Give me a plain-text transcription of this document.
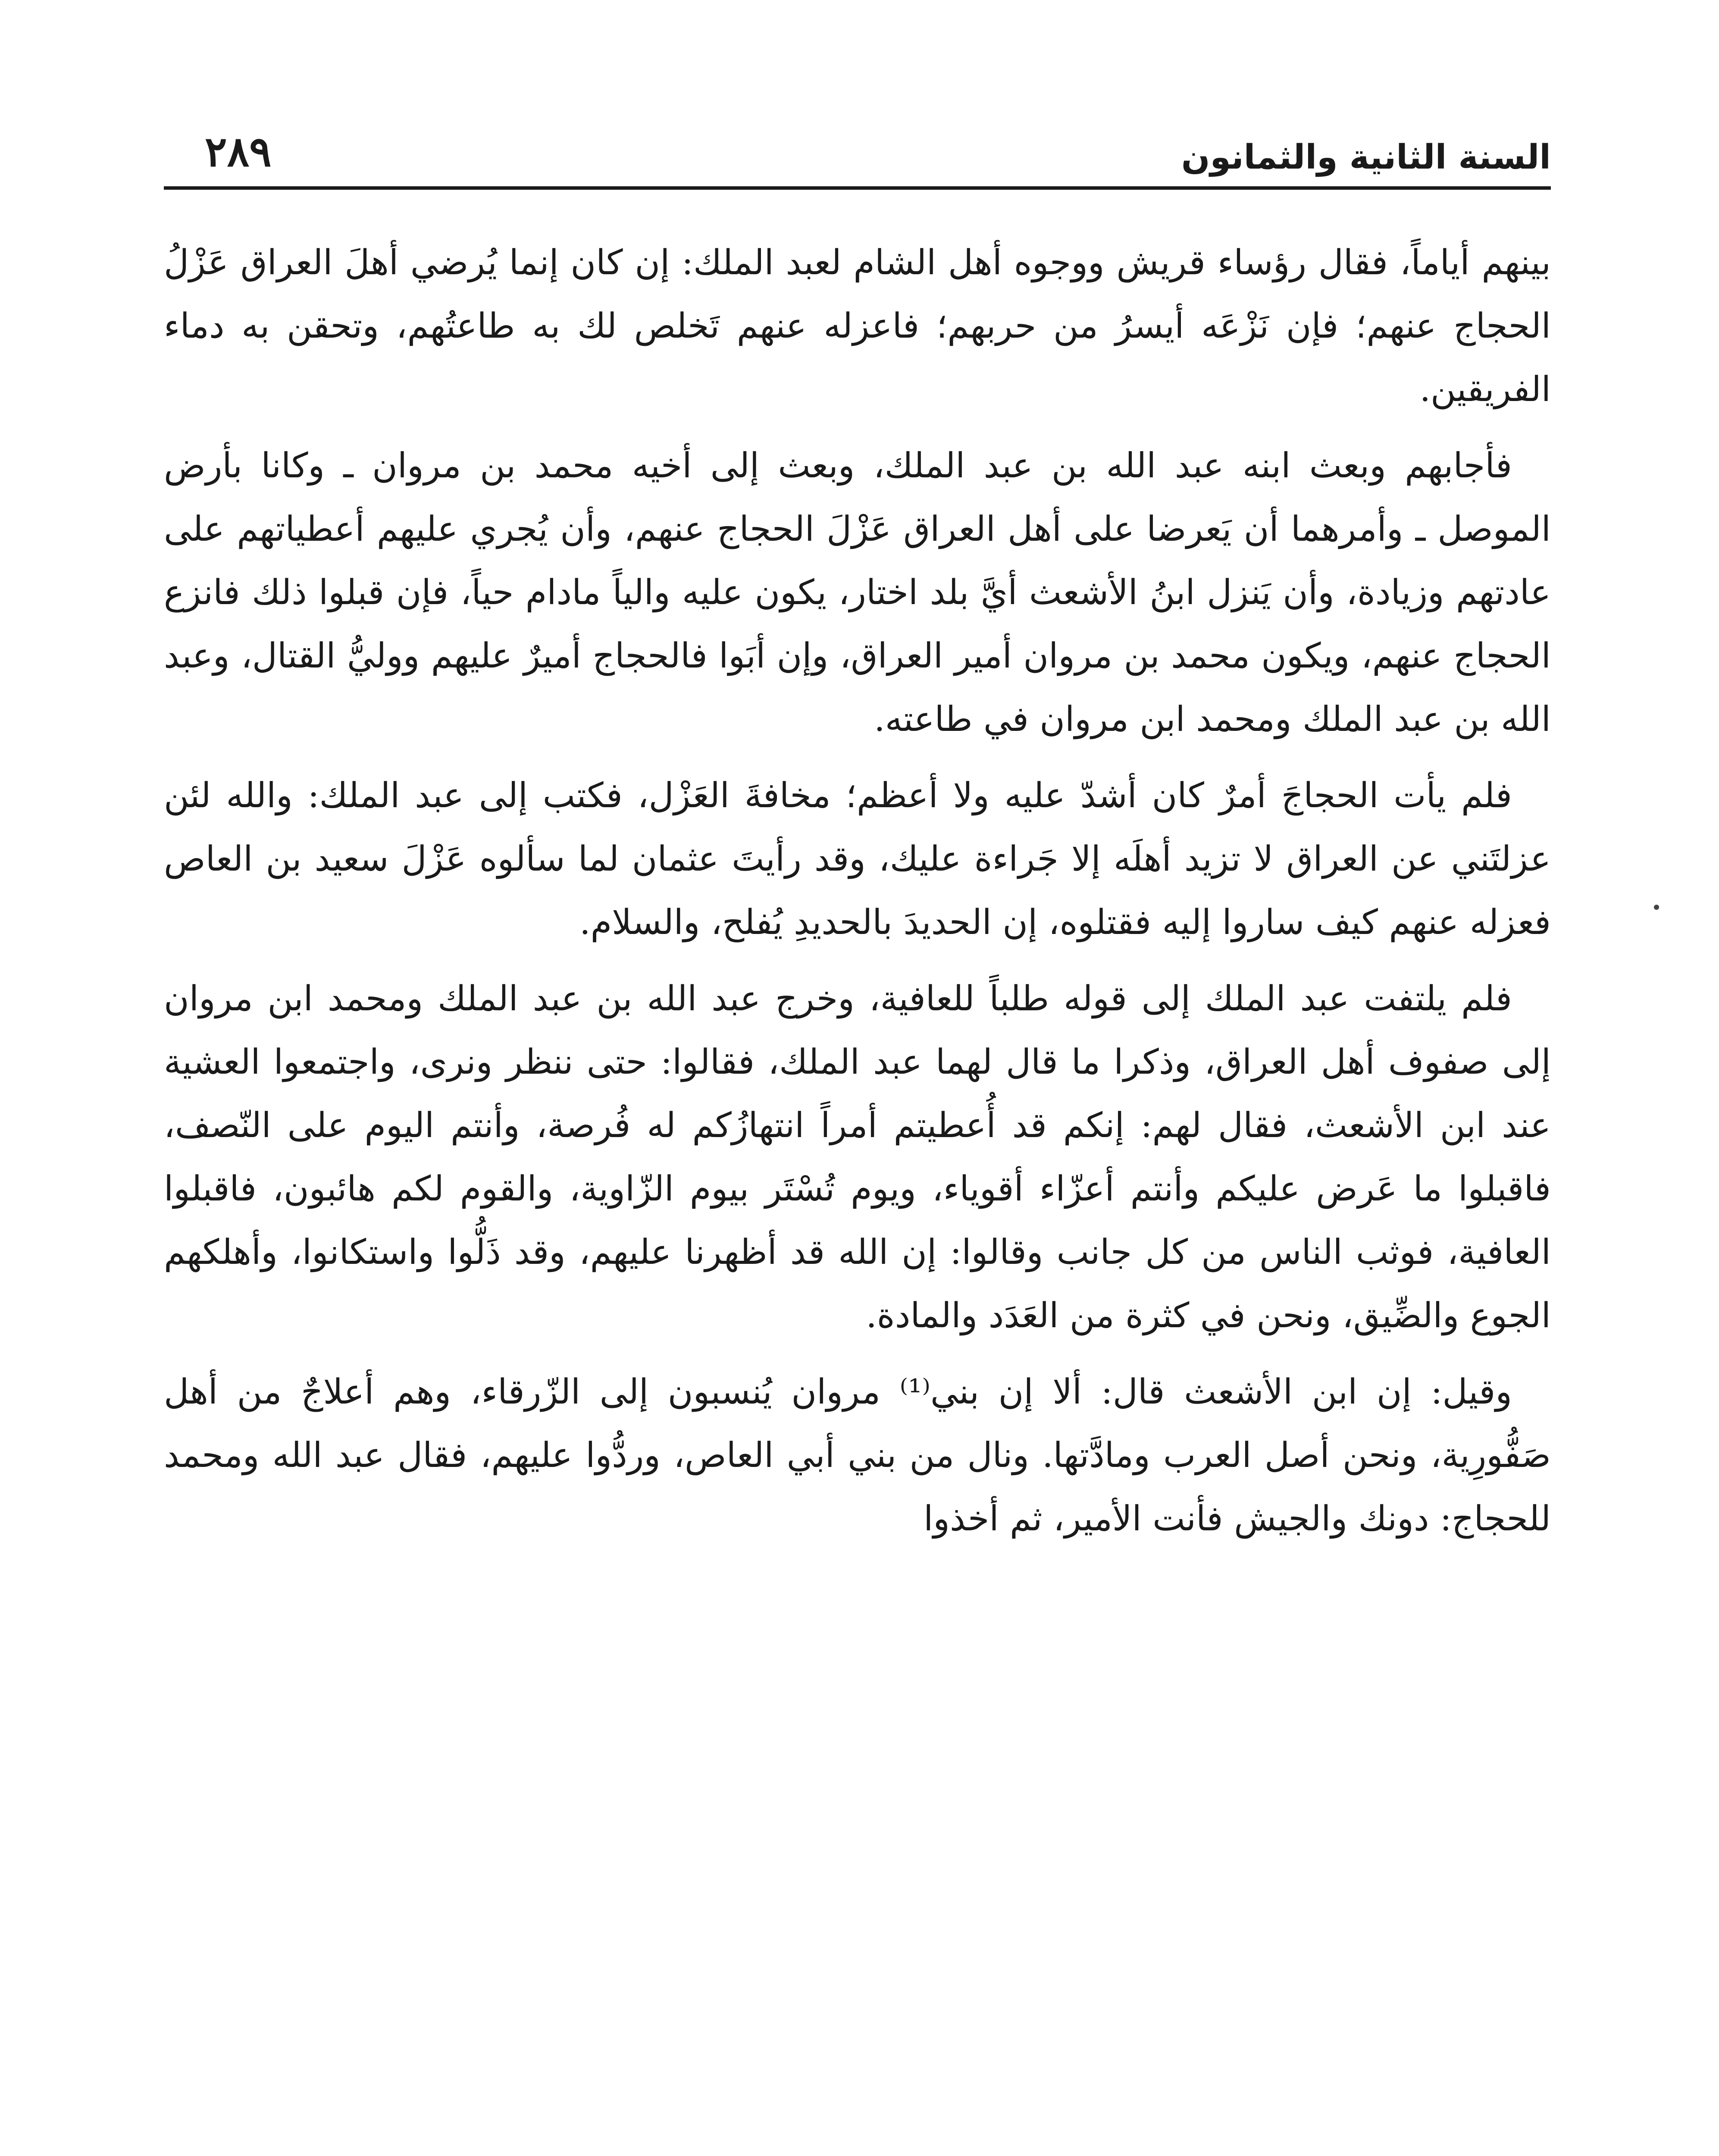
السنة الثانية والثمانون
٢٨٩

بينهم أياماً، فقال رؤساء قريش ووجوه أهل الشام لعبد الملك: إن كان إنما يُرضي أهلَ العراق عَزْلُ الحجاج عنهم؛ فإن نَزْعَه أيسرُ من حربهم؛ فاعزله عنهم تَخلص لك به طاعتُهم، وتحقن به دماء الفريقين.

فأجابهم وبعث ابنه عبد الله بن عبد الملك، وبعث إلى أخيه محمد بن مروان ـ وكانا بأرض الموصل ـ وأمرهما أن يَعرضا على أهل العراق عَزْلَ الحجاج عنهم، وأن يُجري عليهم أعطياتهم على عادتهم وزيادة، وأن يَنزل ابنُ الأشعث أيَّ بلد اختار، يكون عليه والياً مادام حياً، فإن قبلوا ذلك فانزع الحجاج عنهم، ويكون محمد بن مروان أمير العراق، وإن أبَوا فالحجاج أميرٌ عليهم ووليُّ القتال، وعبد الله بن عبد الملك ومحمد ابن مروان في طاعته.

فلم يأت الحجاجَ أمرٌ كان أشدّ عليه ولا أعظم؛ مخافةَ العَزْل، فكتب إلى عبد الملك: والله لئن عزلتَني عن العراق لا تزيد أهلَه إلا جَراءة عليك، وقد رأيتَ عثمان لما سألوه عَزْلَ سعيد بن العاص فعزله عنهم كيف ساروا إليه فقتلوه، إن الحديدَ بالحديدِ يُفلح، والسلام.

فلم يلتفت عبد الملك إلى قوله طلباً للعافية، وخرج عبد الله بن عبد الملك ومحمد ابن مروان إلى صفوف أهل العراق، وذكرا ما قال لهما عبد الملك، فقالوا: حتى ننظر ونرى، واجتمعوا العشية عند ابن الأشعث، فقال لهم: إنكم قد أُعطيتم أمراً انتهازُكم له فُرصة، وأنتم اليوم على النّصف، فاقبلوا ما عَرض عليكم وأنتم أعزّاء أقوياء، ويوم تُسْتَر بيوم الزّاوية، والقوم لكم هائبون، فاقبلوا العافية، فوثب الناس من كل جانب وقالوا: إن الله قد أظهرنا عليهم، وقد ذَلُّوا واستكانوا، وأهلكهم الجوع والضِّيق، ونحن في كثرة من العَدَد والمادة.

وقيل: إن ابن الأشعث قال: ألا إن بني⁽¹⁾ مروان يُنسبون إلى الزّرقاء، وهم أعلاجٌ من أهل صَفُّورِية، ونحن أصل العرب ومادَّتها. ونال من بني أبي العاص، وردُّوا عليهم، فقال عبد الله ومحمد للحجاج: دونك والجيش فأنت الأمير، ثم أخذوا
